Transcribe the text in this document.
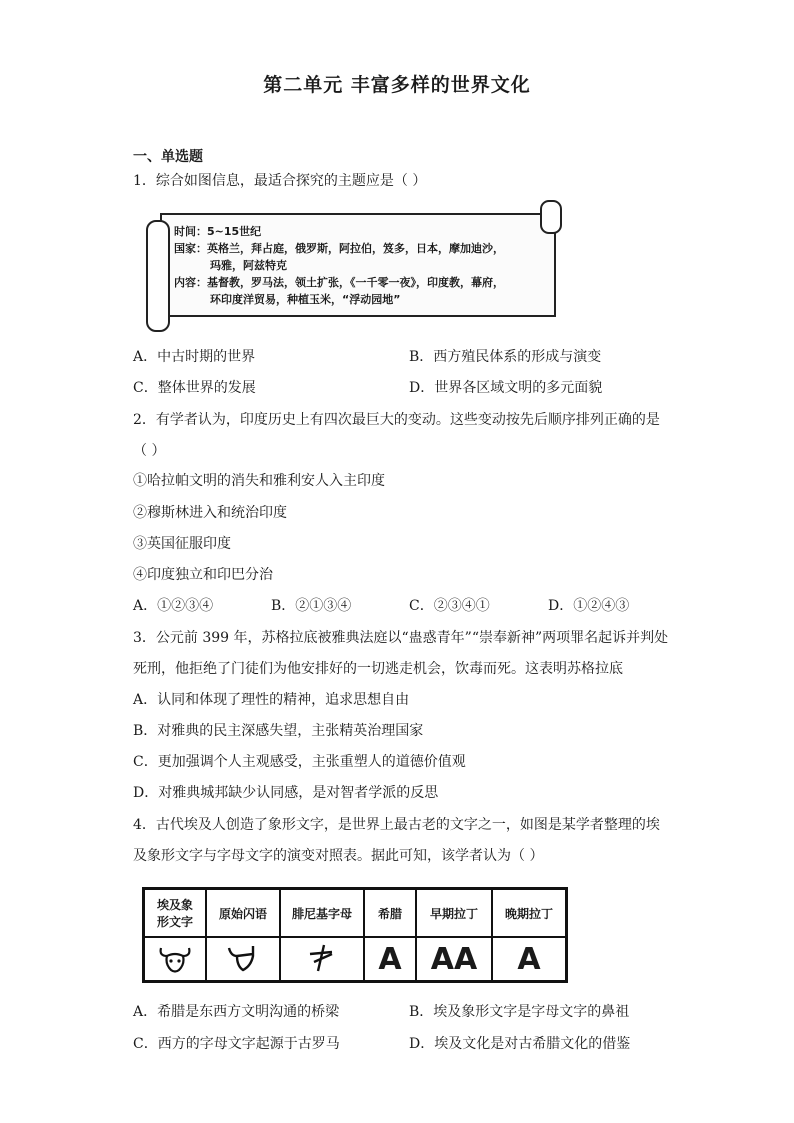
第二单元 丰富多样的世界文化
一、单选题
1．综合如图信息，最适合探究的主题应是（ ）
时间：5~15世纪
国家：英格兰，拜占庭，俄罗斯，阿拉伯，笈多，日本，摩加迪沙，
玛雅，阿兹特克
内容：基督教，罗马法，领土扩张，《一千零一夜》，印度教，幕府，
环印度洋贸易，种植玉米，“浮动园地”
A．中古时期的世界	B．西方殖民体系的形成与演变
C．整体世界的发展	D．世界各区域文明的多元面貌
2．有学者认为，印度历史上有四次最巨大的变动。这些变动按先后顺序排列正确的是
（ ）
①哈拉帕文明的消失和雅利安人入主印度
②穆斯林进入和统治印度
③英国征服印度
④印度独立和印巴分治
A．①②③④	B．②①③④	C．②③④①	D．①②④③
3．公元前 399 年，苏格拉底被雅典法庭以“蛊惑青年”“崇奉新神”两项罪名起诉并判处
死刑，他拒绝了门徒们为他安排好的一切逃走机会，饮毒而死。这表明苏格拉底
A．认同和体现了理性的精神，追求思想自由
B．对雅典的民主深感失望，主张精英治理国家
C．更加强调个人主观感受，主张重塑人的道德价值观
D．对雅典城邦缺少认同感，是对智者学派的反思
4．古代埃及人创造了象形文字，是世界上最古老的文字之一，如图是某学者整理的埃
及象形文字与字母文字的演变对照表。据此可知，该学者认为（ ）
埃及象
形文字	原始闪语	腓尼基字母	希腊	早期拉丁	晚期拉丁
			A	AA	A
A．希腊是东西方文明沟通的桥梁	B．埃及象形文字是字母文字的鼻祖
C．西方的字母文字起源于古罗马	D．埃及文化是对古希腊文化的借鉴
